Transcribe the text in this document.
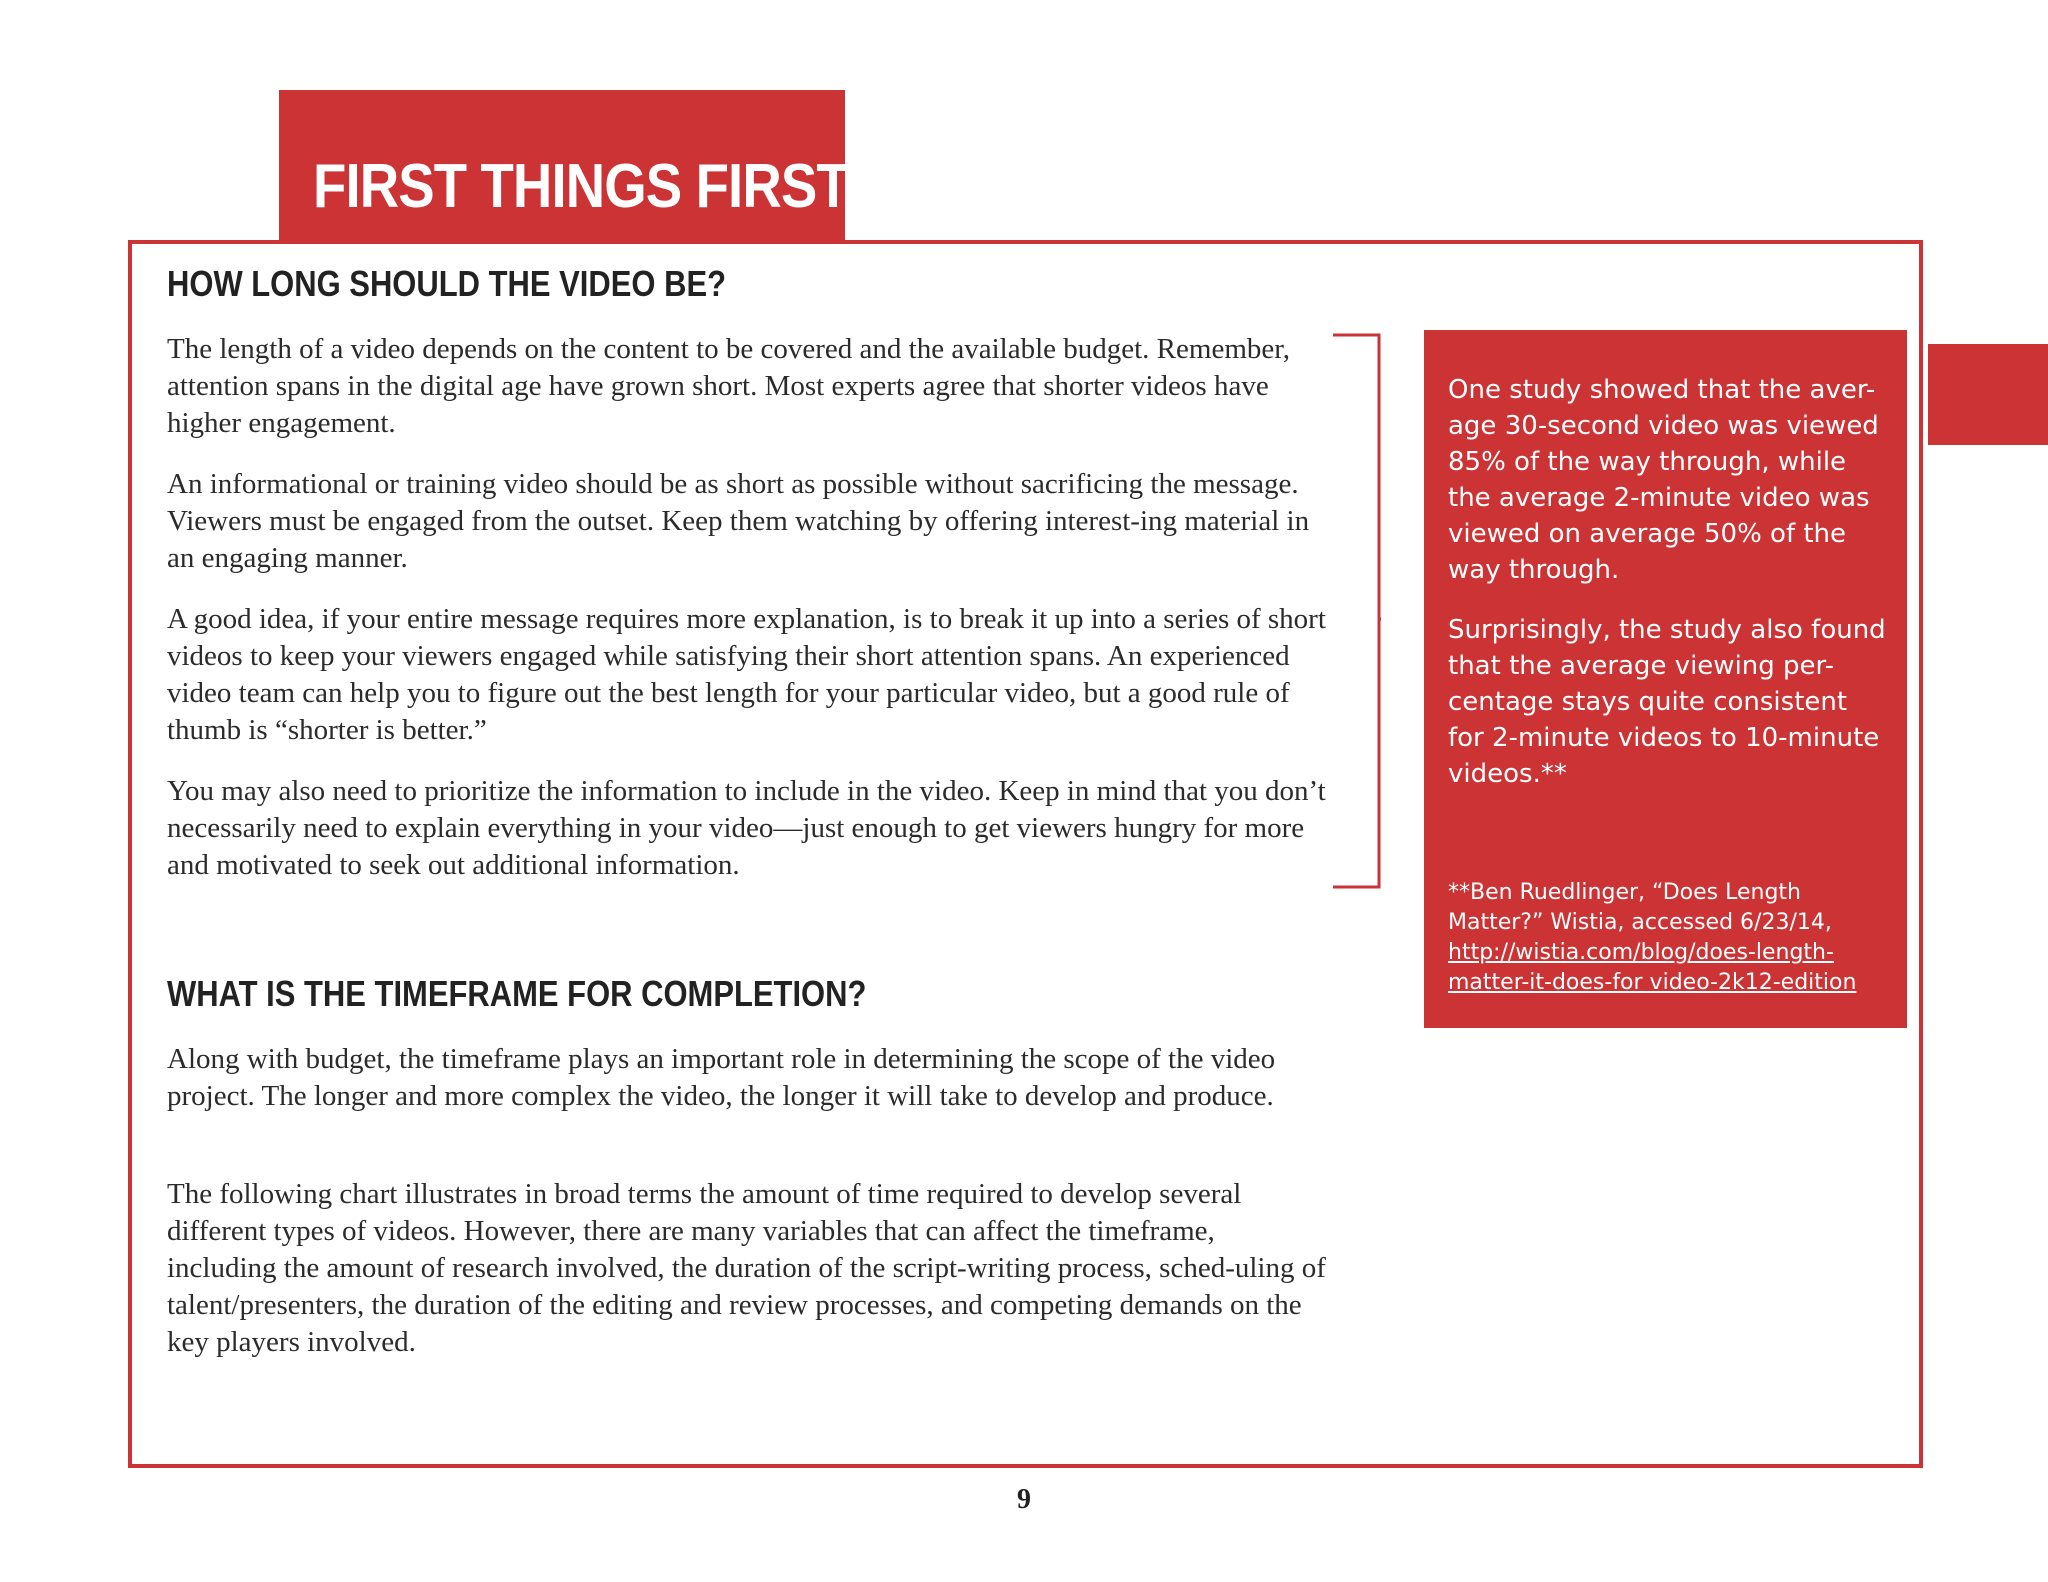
FIRST THINGS FIRST
HOW LONG SHOULD THE VIDEO BE?

The length of a video depends on the content to be covered and the available budget. Remember, attention spans in the digital age have grown short. Most experts agree that shorter videos have higher engagement.

An informational or training video should be as short as possible without sacrificing the message. Viewers must be engaged from the outset. Keep them watching by offering interest-ing material in an engaging manner.

A good idea, if your entire message requires more explanation, is to break it up into a series of short videos to keep your viewers engaged while satisfying their short attention spans. An experienced video team can help you to figure out the best length for your particular video, but a good rule of thumb is “shorter is better.”

You may also need to prioritize the information to include in the video. Keep in mind that you don’t necessarily need to explain everything in your video—just enough to get viewers hungry for more and motivated to seek out additional information.

WHAT IS THE TIMEFRAME FOR COMPLETION?

Along with budget, the timeframe plays an important role in determining the scope of the video project. The longer and more complex the video, the longer it will take to develop and produce.

The following chart illustrates in broad terms the amount of time required to develop several different types of videos. However, there are many variables that can affect the timeframe, including the amount of research involved, the duration of the script-writing process, sched-uling of talent/presenters, the duration of the editing and review processes, and competing demands on the key players involved.

One study showed that the aver-age 30-second video was viewed 85% of the way through, while the average 2-minute video was viewed on average 50% of the way through.

Surprisingly, the study also found that the average viewing per-centage stays quite consistent for 2-minute videos to 10-minute videos.**

**Ben Ruedlinger, “Does Length Matter?” Wistia, accessed 6/23/14, http://wistia.com/blog/does-length-matter-it-does-for video-2k12-edition
9
